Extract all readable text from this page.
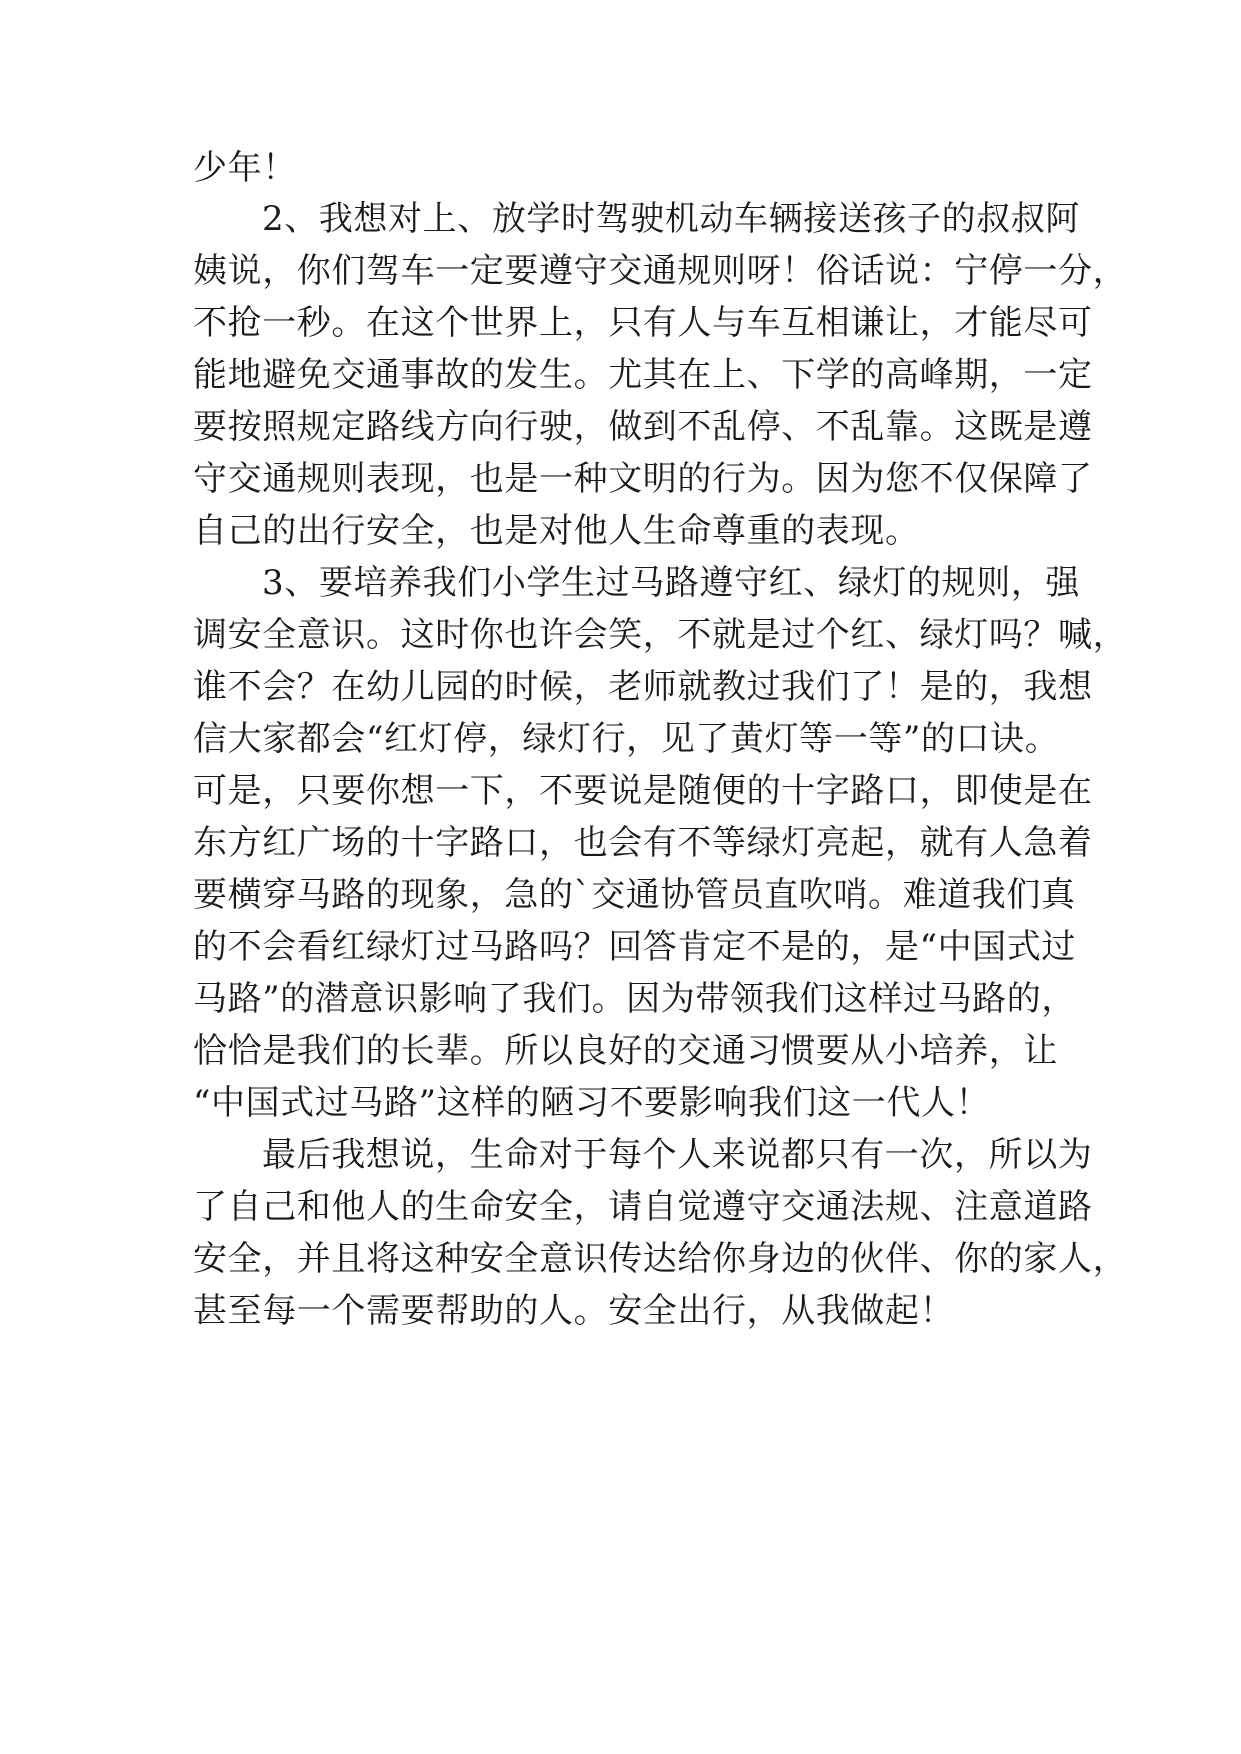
少年！
2、我想对上、放学时驾驶机动车辆接送孩子的叔叔阿
姨说，你们驾车一定要遵守交通规则呀！俗话说：宁停一分，
不抢一秒。在这个世界上，只有人与车互相谦让，才能尽可
能地避免交通事故的发生。尤其在上、下学的高峰期，一定
要按照规定路线方向行驶，做到不乱停、不乱靠。这既是遵
守交通规则表现，也是一种文明的行为。因为您不仅保障了
自己的出行安全，也是对他人生命尊重的表现。
3、要培养我们小学生过马路遵守红、绿灯的规则，强
调安全意识。这时你也许会笑，不就是过个红、绿灯吗？喊，
谁不会？在幼儿园的时候，老师就教过我们了！是的，我想
信大家都会“红灯停，绿灯行，见了黄灯等一等”的口诀。
可是，只要你想一下，不要说是随便的十字路口，即使是在
东方红广场的十字路口，也会有不等绿灯亮起，就有人急着
要横穿马路的现象，急的`交通协管员直吹哨。难道我们真
的不会看红绿灯过马路吗？回答肯定不是的，是“中国式过
马路”的潜意识影响了我们。因为带领我们这样过马路的，
恰恰是我们的长辈。所以良好的交通习惯要从小培养，让
“中国式过马路”这样的陋习不要影响我们这一代人！
最后我想说，生命对于每个人来说都只有一次，所以为
了自己和他人的生命安全，请自觉遵守交通法规、注意道路
安全，并且将这种安全意识传达给你身边的伙伴、你的家人，
甚至每一个需要帮助的人。安全出行，从我做起！
